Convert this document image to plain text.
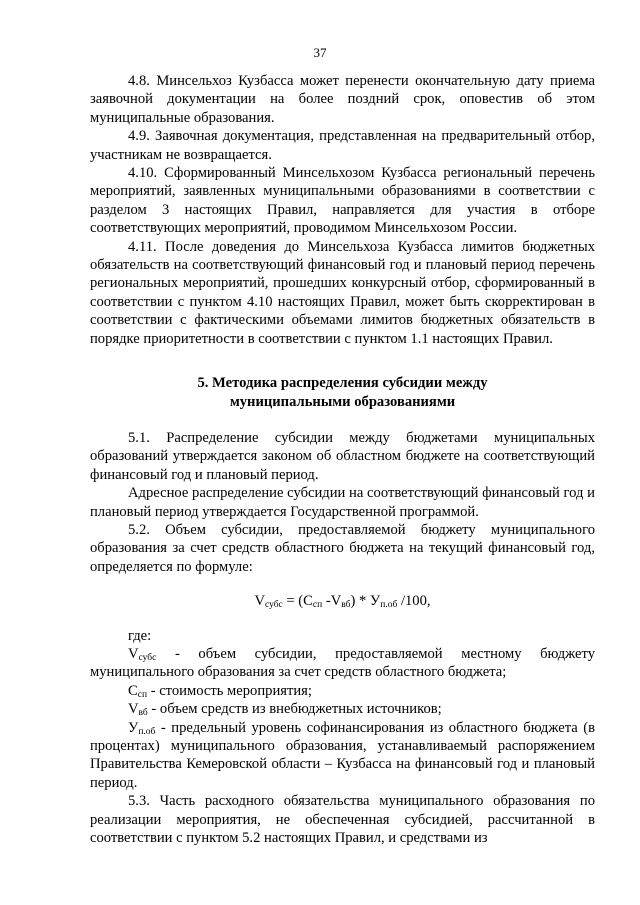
37

4.8. Минсельхоз Кузбасса может перенести окончательную дату приема заявочной документации на более поздний срок, оповестив об этом муниципальные образования.

4.9. Заявочная документация, представленная на предварительный отбор, участникам не возвращается.

4.10. Сформированный Минсельхозом Кузбасса региональный перечень мероприятий, заявленных муниципальными образованиями в соответствии с разделом 3 настоящих Правил, направляется для участия в отборе соответствующих мероприятий, проводимом Минсельхозом России.

4.11. После доведения до Минсельхоза Кузбасса лимитов бюджетных обязательств на соответствующий финансовый год и плановый период перечень региональных мероприятий, прошедших конкурсный отбор, сформированный в соответствии с пунктом 4.10 настоящих Правил, может быть скорректирован в соответствии с фактическими объемами лимитов бюджетных обязательств в порядке приоритетности в соответствии с пунктом 1.1 настоящих Правил.

5. Методика распределения субсидии между
муниципальными образованиями

5.1. Распределение субсидии между бюджетами муниципальных образований утверждается законом об областном бюджете на соответствующий финансовый год и плановый период.

Адресное распределение субсидии на соответствующий финансовый год и плановый период утверждается Государственной программой.

5.2. Объем субсидии, предоставляемой бюджету муниципального образования за счет средств областного бюджета на текущий финансовый год, определяется по формуле:

$V_{субс} = (C_{сп}$ $-V_{вб}) * У_{п.об}$ /100,

где:

$V_{субс}$ - объем субсидии, предоставляемой местному бюджету муниципального образования за счет средств областного бюджета;

$С_{сп}$ - стоимость мероприятия;

$V_{вб}$ - объем средств из внебюджетных источников;

$У_{п.об}$ - предельный уровень софинансирования из областного бюджета (в процентах) муниципального образования, устанавливаемый распоряжением Правительства Кемеровской области – Кузбасса на финансовый год и плановый период.

5.3. Часть расходного обязательства муниципального образования по реализации мероприятия, не обеспеченная субсидией, рассчитанной в соответствии с пунктом 5.2 настоящих Правил, и средствами из
